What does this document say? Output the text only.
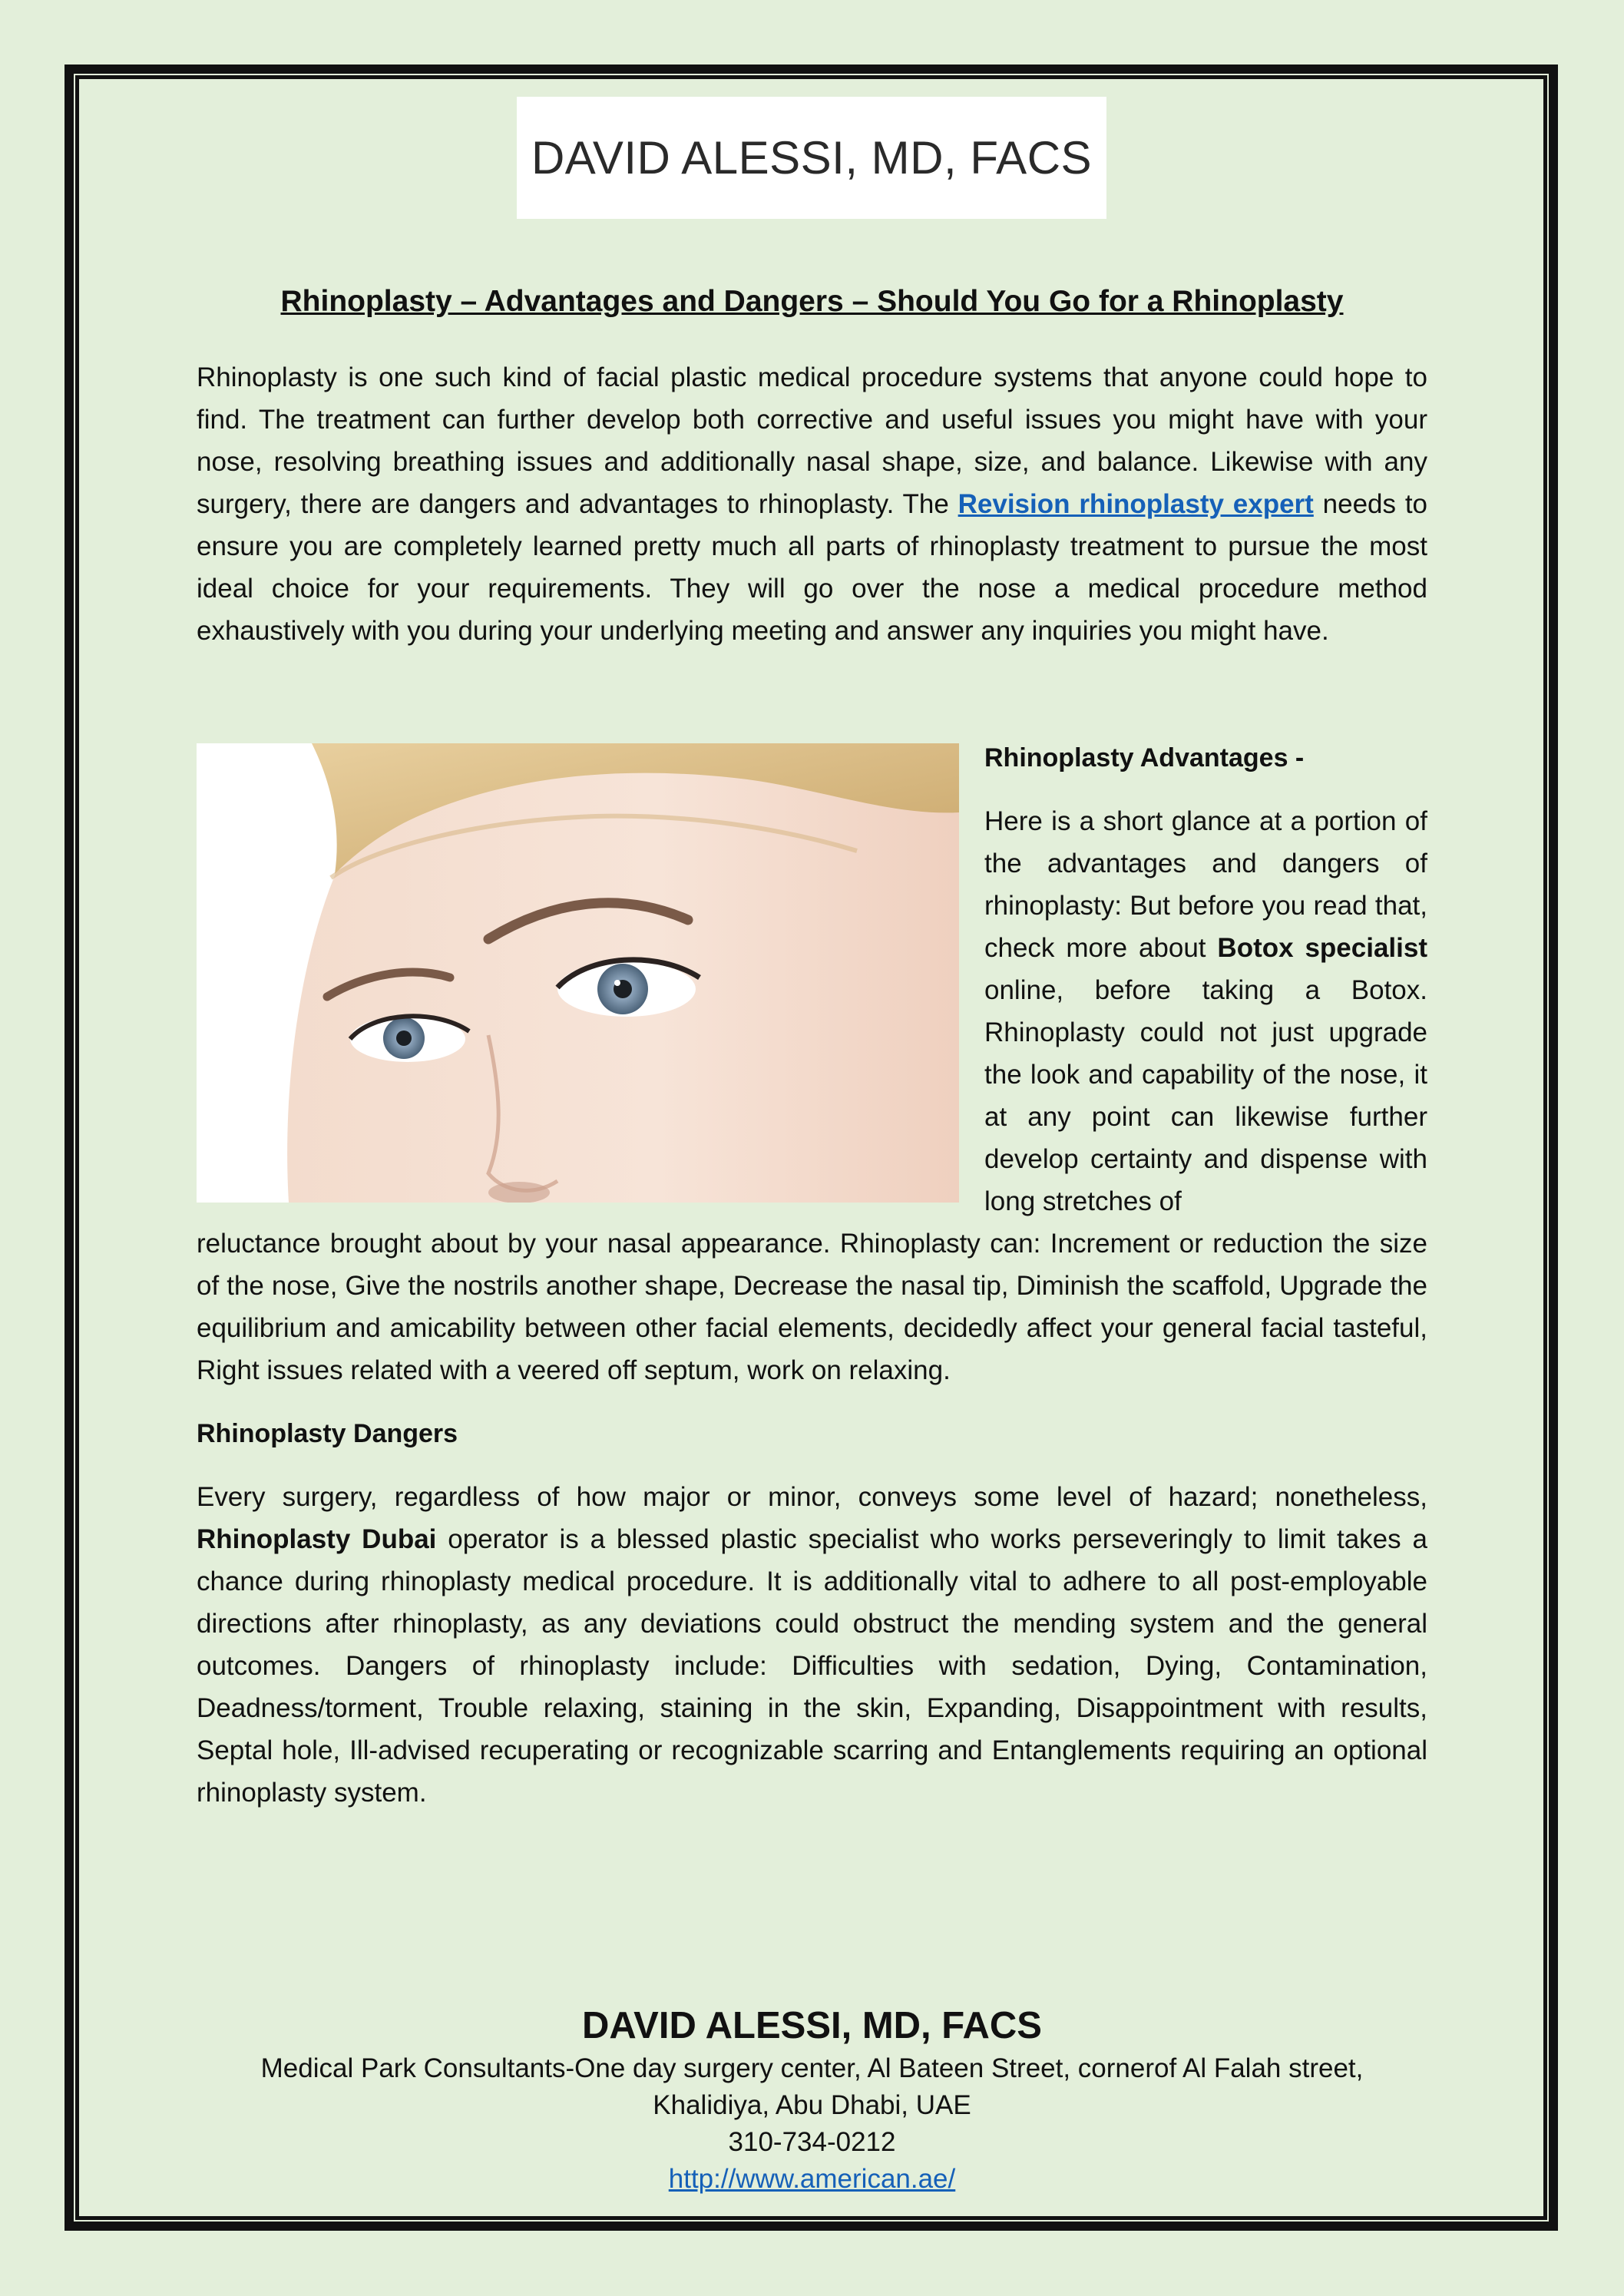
DAVID ALESSI, MD, FACS
Rhinoplasty – Advantages and Dangers – Should You Go for a Rhinoplasty

Rhinoplasty is one such kind of facial plastic medical procedure systems that anyone could hope to find. The treatment can further develop both corrective and useful issues you might have with your nose, resolving breathing issues and additionally nasal shape, size, and balance. Likewise with any surgery, there are dangers and advantages to rhinoplasty. The Revision rhinoplasty expert needs to ensure you are completely learned pretty much all parts of rhinoplasty treatment to pursue the most ideal choice for your requirements. They will go over the nose a medical procedure method exhaustively with you during your underlying meeting and answer any inquiries you might have.

Rhinoplasty Advantages -

Here is a short glance at a portion of the advantages and dangers of rhinoplasty: But before you read that, check more about Botox specialist online, before taking a Botox. Rhinoplasty could not just upgrade the look and capability of the nose, it at any point can likewise further develop certainty and dispense with long stretches of

reluctance brought about by your nasal appearance. Rhinoplasty can: Increment or reduction the size of the nose, Give the nostrils another shape, Decrease the nasal tip, Diminish the scaffold, Upgrade the equilibrium and amicability between other facial elements, decidedly affect your general facial tasteful, Right issues related with a veered off septum, work on relaxing.

Rhinoplasty Dangers

Every surgery, regardless of how major or minor, conveys some level of hazard; nonetheless, Rhinoplasty Dubai operator is a blessed plastic specialist who works perseveringly to limit takes a chance during rhinoplasty medical procedure. It is additionally vital to adhere to all post-employable directions after rhinoplasty, as any deviations could obstruct the mending system and the general outcomes. Dangers of rhinoplasty include: Difficulties with sedation, Dying, Contamination, Deadness/torment, Trouble relaxing, staining in the skin, Expanding, Disappointment with results, Septal hole, Ill-advised recuperating or recognizable scarring and Entanglements requiring an optional rhinoplasty system.

DAVID ALESSI, MD, FACS

Medical Park Consultants-One day surgery center, Al Bateen Street, cornerof Al Falah street,

Khalidiya, Abu Dhabi, UAE

310-734-0212

http://www.american.ae/
